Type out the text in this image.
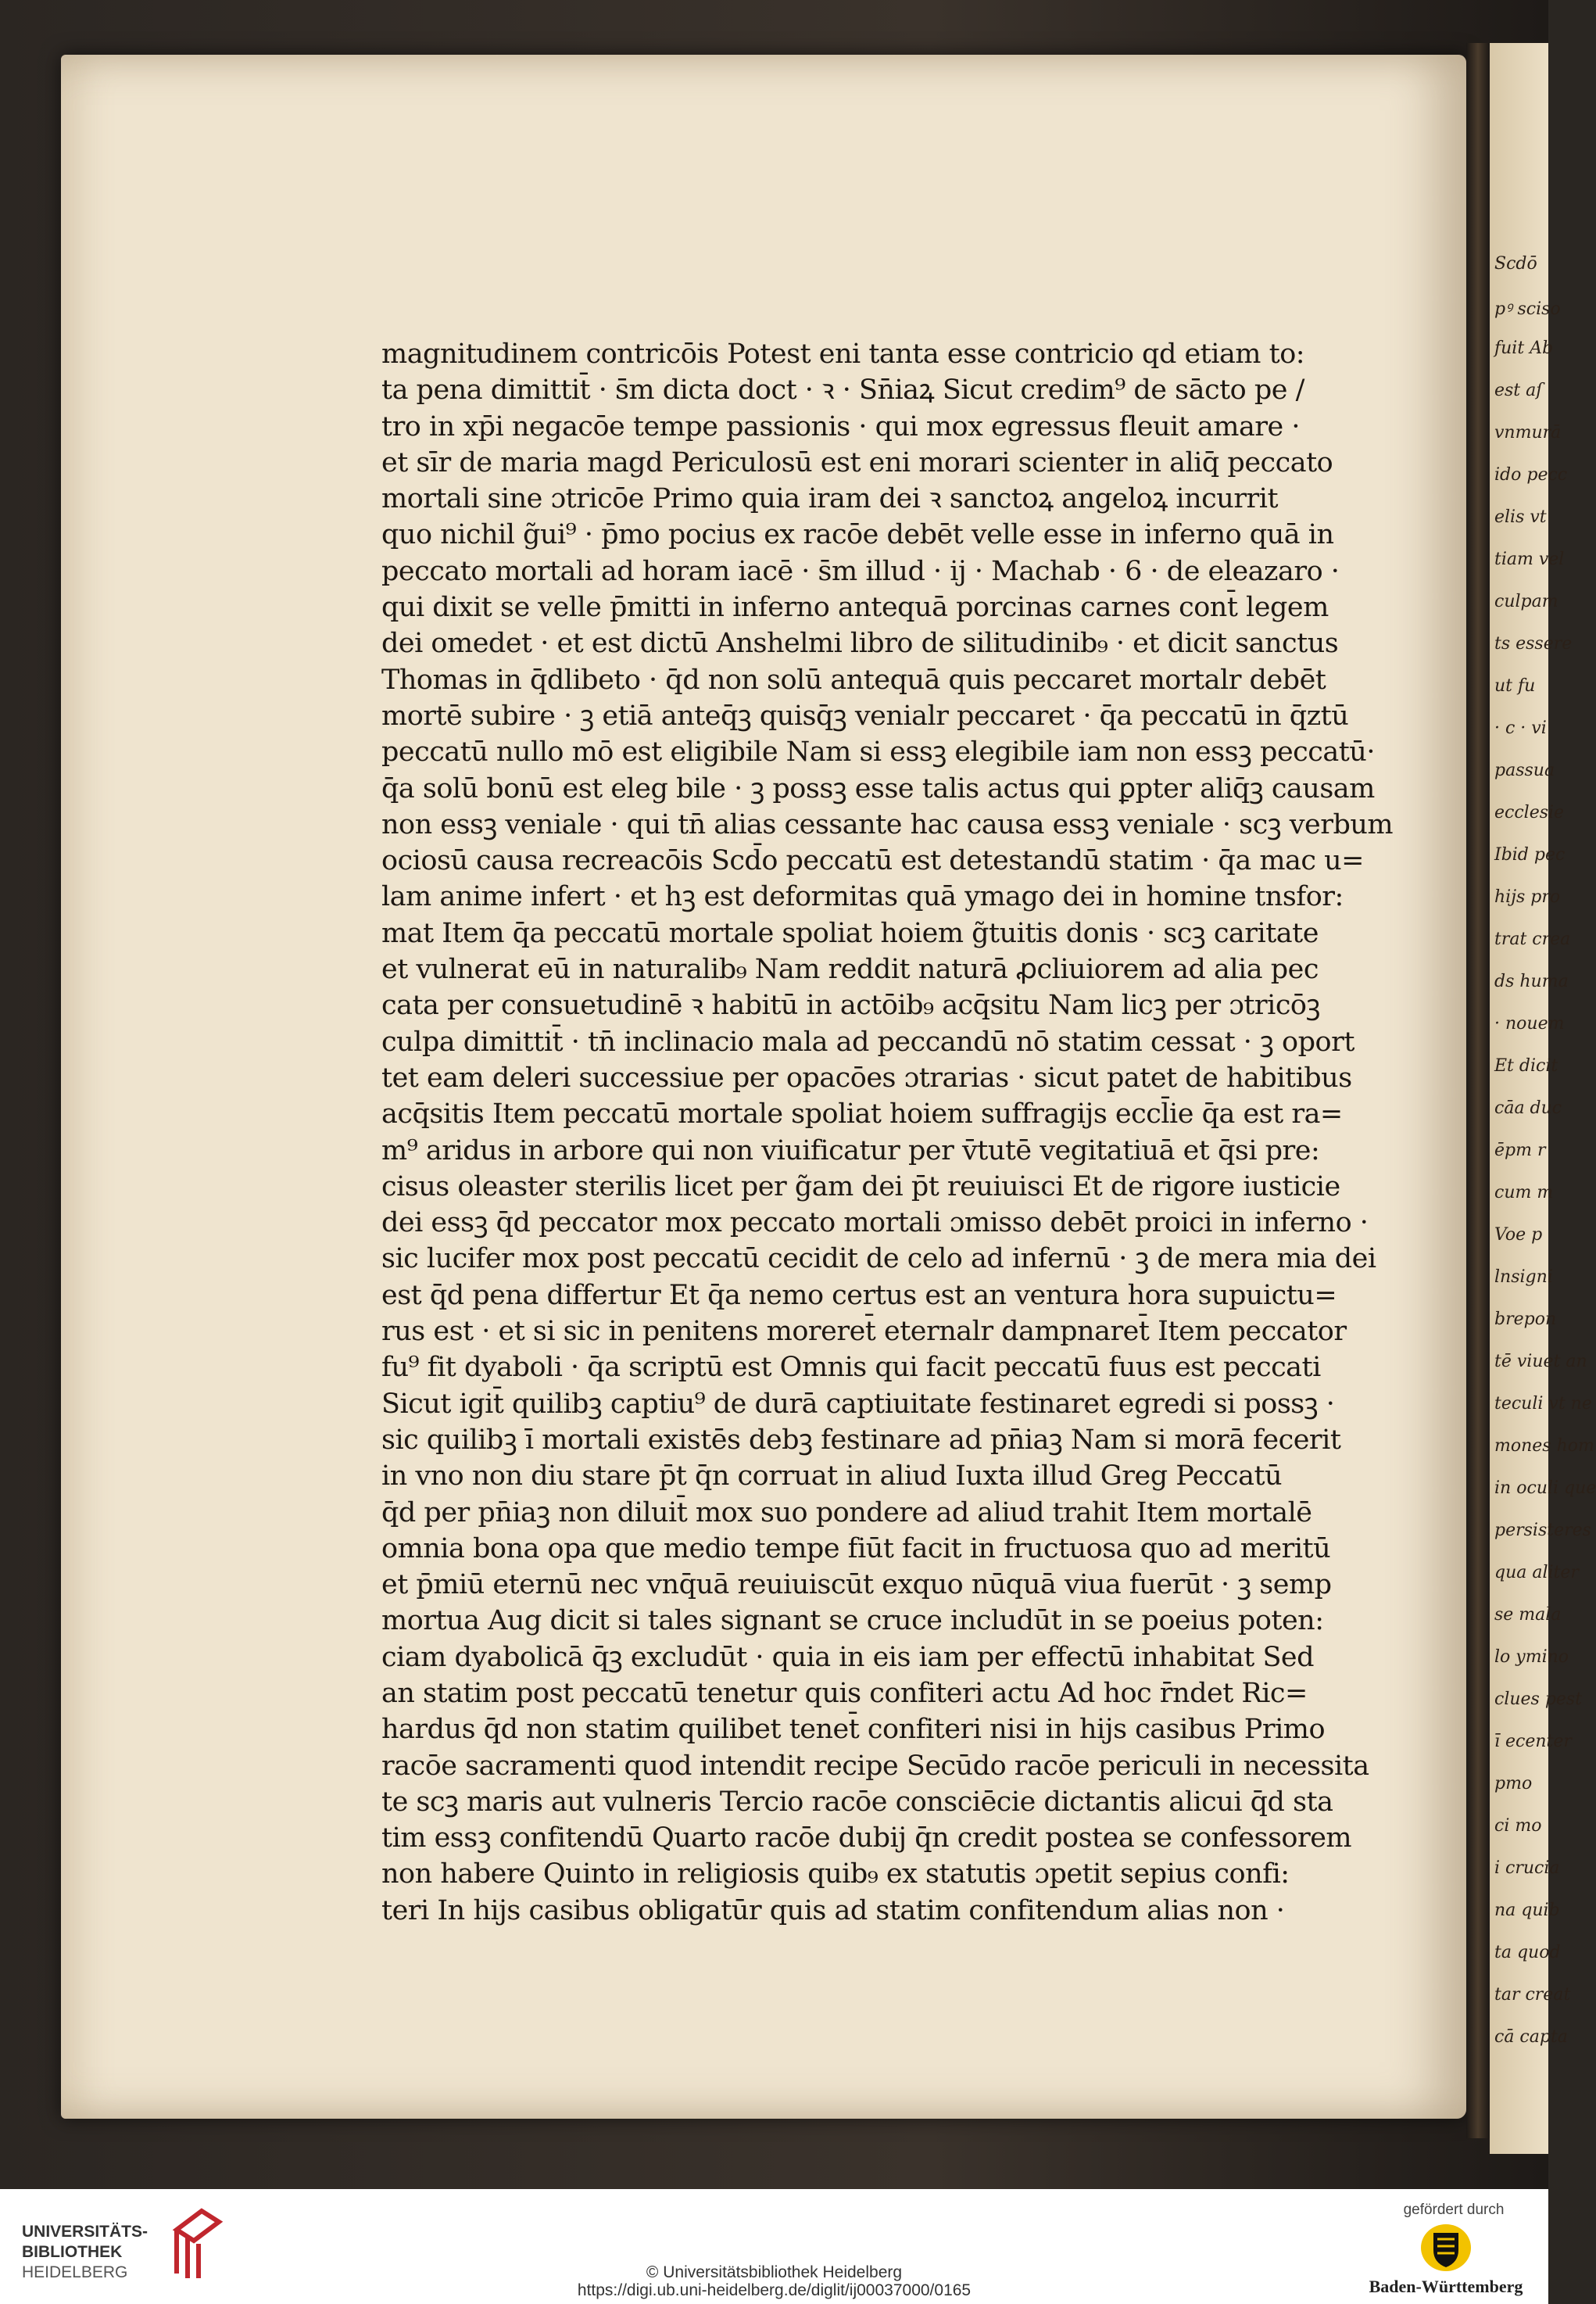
magnitudinem contricōis Potest eni tanta esse contricio qd etiam to:
ta pena dimittit̄ · s̄m dicta doct · ꝛ · Sn̄iaꝝ Sicut credim⁹ de sācto pe /
tro in xp̄i negacōe tempe passionis · qui mox egressus fleuit amare ·
et sīr de maria magd Periculosū est eni morari scienter in aliq̄ peccato
mortali sine ɔtricōe Primo quia iram dei ꝛ sanctoꝝ angeloꝝ incurrit
quo nichil g̃ui⁹ · p̄mo pocius ex racōe debēt velle esse in inferno quā in
peccato mortali ad horam iacē · s̄m illud · ij · Machab · 6 · de eleazaro ·
qui dixit se velle p̄mitti in inferno antequā porcinas carnes cont̄ legem
dei omedet · et est dictū Anshelmi libro de silitudinib₉ · et dicit sanctus
Thomas in q̄dlibeto · q̄d non solū antequā quis peccaret mortalr debēt
mortē subire · ꝫ etiā anteq̄ꝫ quisq̄ꝫ venialr peccaret · q̄a peccatū in q̄ztū
peccatū nullo mō est eligibile Nam si essꝫ elegibile iam non essꝫ peccatū·
q̄a solū bonū est eleg bile · ꝫ possꝫ esse talis actus qui ꝑpter aliq̄ꝫ causam
non essꝫ veniale · qui tn̄ alias cessante hac causa essꝫ veniale · scꝫ verbum
ociosū causa recreacōis Scd̄o peccatū est detestandū statim · q̄a mac u=
lam anime infert · et hꝫ est deformitas quā ymago dei in homine tnsfor:
mat Item q̄a peccatū mortale spoliat hoiem g̃tuitis donis · scꝫ caritate
et vulnerat eū in naturalib₉ Nam reddit naturā ꝓcliuiorem ad alia pec
cata per consuetudinē ꝛ habitū in actōib₉ acq̄situ Nam licꝫ per ɔtricōꝫ
culpa dimittit̄ · tn̄ inclinacio mala ad peccandū nō statim cessat · ꝫ oport
tet eam deleri successiue per opacōes ɔtrarias · sicut patet de habitibus
acq̄sitis Item peccatū mortale spoliat hoiem suffragijs eccl̄ie q̄a est ra=
m⁹ aridus in arbore qui non viuificatur per v̄tutē vegitatiuā et q̄si pre:
cisus oleaster sterilis licet per g̃am dei p̄t reuiuisci Et de rigore iusticie
dei essꝫ q̄d peccator mox peccato mortali ɔmisso debēt proici in inferno ·
sic lucifer mox post peccatū cecidit de celo ad infernū · ꝫ de mera mia dei
est q̄d pena differtur Et q̄a nemo certus est an ventura hora supuictu=
rus est · et si sic in penitens moreret̄ eternalr dampnaret̄ Item peccator
fu⁹ fit dyaboli · q̄a scriptū est Omnis qui facit peccatū fuus est peccati
Sicut igit̄ quilibꝫ captiu⁹ de durā captiuitate festinaret egredi si possꝫ ·
sic quilibꝫ ī mortali existēs debꝫ festinare ad pn̄iaꝫ Nam si morā fecerit
in vno non diu stare p̄t q̄n corruat in aliud Iuxta illud Greg Peccatū
q̄d per pn̄iaꝫ non diluit̄ mox suo pondere ad aliud trahit Item mortalē
omnia bona opa que medio tempe fiūt facit in fructuosa quo ad meritū
et p̄miū eternū nec vnq̄uā reuiuiscūt exquo nūquā viua fuerūt · ꝫ semp
mortua Aug dicit si tales signant se cruce includūt in se poeius poten:
ciam dyabolicā q̄ꝫ excludūt · quia in eis iam per effectū inhabitat Sed
an statim post peccatū tenetur quis confiteri actu Ad hoc r̄ndet Ric=
hardus q̄d non statim quilibet tenet̄ confiteri nisi in hijs casibus Primo
racōe sacramenti quod intendit recipe Secūdo racōe periculi in necessita
te scꝫ maris aut vulneris Tercio racōe consciēcie dictantis alicui q̄d sta
tim essꝫ confitendū Quarto racōe dubij q̄n credit postea se confessorem
non habere Quinto in religiosis quib₉ ex statutis ɔpetit sepius confi:
teri In hijs casibus obligatūr quis ad statim confitendum alias non ·
Scdō
pꝰ sciso
fuit Ab
est aſ
vnmurā
ido pecc
elis vt
tiam vel
culpam
ts essere
ut fu
· c · vi
passua
ecclesie
Ibid pec
hijs pro
trat crea
ds huma
· nouem
Et dicit
cāa duc
ēpm r
cum m
Voe p
lnsigni
brepon
tē viuet an
teculi vt ne
mones hom
in oculi que
persisteres
qua aliter
se mala
lo ymino
clues pest
ī ecenter
pmo
ci mo
i crucia
na quib
ta quod
tar creat
cā capta
UNIVERSITÄTS-
BIBLIOTHEK
HEIDELBERG	© Universitätsbibliothek Heidelberg
https://digi.ub.uni-heidelberg.de/diglit/ij00037000/0165
gefördert durch
Baden-Württemberg
